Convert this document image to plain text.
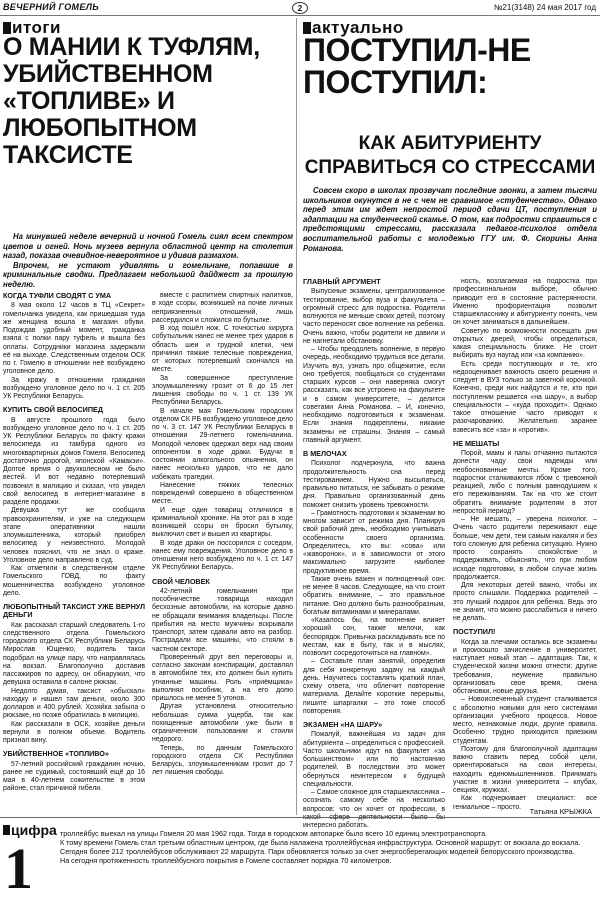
ВЕЧЕРНИЙ ГОМЕЛЬ	2	№21(3148) 24 мая 2017 год
итоги
О МАНИИ К ТУФЛЯМ, УБИЙСТВЕННОМ «ТОПЛИВЕ» И ЛЮБОПЫТНОМ ТАКСИСТЕ

На минувшей неделе вечерний и ночной Гомель сиял всем спектром цветов и огней. Ночь музеев вернула областной центр на столетия назад, показав очевидное-невероятное и удивив размахом.

Впрочем, не устают удивлять и гомельчане, попавшие в криминальные сводки. Предлагаем небольшой дайджест за прошлую неделю.

КОГДА ТУФЛИ СВОДЯТ С УМА

8 мая около 12 часов в ТЦ «Секрет» гомельчанка увидела, как пришедшая туда же женщина вошла в магазин обуви. Подождав удобный момент, гражданка взяла с полки пару туфель и вышла без оплаты. Сотрудники магазина задержали её на выходе. Следственным отделом ОСК по г. Гомелю в отношении неё возбуждено уголовное дело.

За кражу в отношении гражданки возбуждено уголовное дело по ч. 1 ст. 205 УК Республики Беларусь.

КУПИТЬ СВОЙ ВЕЛОСИПЕД

В августе прошлого года было возбуждено уголовное дело по ч. 1 ст. 205 УК Республики Беларусь по факту кражи велосипеда из тамбура одного из многоквартирных домов Гомеля. Велосипед достаточно дорогой, японской «Камакзи». Долгое время о двухколесном не было вестей. И вот недавно потерпевший позвонил в милицию и сказал, что увидел свой велосипед в интернет-магазине в разделе продажи.

Девушка тут же сообщила правоохранителям, и уже на следующем этапе оперативники нашли злоумышленника, который приобрел велосипед у неизвестного. Молодой человек пояснил, что не знал о краже. Уголовное дело направлено в суд.

Как отметили в следственном отделе Гомельского ГОВД, по факту мошенничества возбуждено уголовное дело.

ЛЮБОПЫТНЫЙ ТАКСИСТ УЖЕ ВЕРНУЛ ДЕНЬГИ

Как рассказал старший следователь 1-го следственного отдела Гомельского городского отдела СК Республики Беларусь Мирослав Ющенко, водитель такси подобрал на улице пару, что направлялась на вокзал. Благополучно доставив пассажиров по адресу, он обнаружил, что девушка оставила в салоне рюкзак.

Недолго думая, таксист «обыскал» находку и нашел там деньги, около 300 долларов и 400 рублей. Хозяйка забыла о рюкзаке, но позже обратилась в милицию.

Как рассказали в ОСК, хозяйке деньги вернули в полном объеме. Водитель признал вину.

УБИЙСТВЕННОЕ «ТОПЛИВО»

57-летний российский гражданин ночью, ранее не судимый, состоявший ещё до 16 мая в 40-летнем сожительстве в этом районе, стал причиной гибели.

вместе с распитием спиртных напитков, в ходе ссоры, возникшей на почве личных неприязненных отношений, лишь рассердился и сложился по бутылке.

В ход пошёл нож. С точностью хирурга собутыльник нанес не менее трех ударов в область шеи и грудной клетки, чем причинил тяжкие телесные повреждения, от которых потерпевший скончался на месте.

За совершенное преступление злоумышленнику грозит от 6 до 15 лет лишения свободы по ч. 1 ст. 139 УК Республики Беларусь.

В начале мая Гомельским городским отделом СК РБ возбуждено уголовное дело по ч. 3 ст. 147 УК Республики Беларусь в отношении 29-летнего гомельчанина. Молодой человек одержал верх над своим оппонентом в ходе драки. Будучи в состоянии алкогольного опьянения, он нанес несколько ударов, что не дало избежать трагедии.

Нанесение тяжких телесных повреждений совершено в общественном месте.

И еще один товарищ отличился в криминальной хронике. На этот раз в ходе возникшей ссоры он бросил бутылку, выключил свет и вышел из квартиры.

В ходе драки он поссорился с соседом, нанес ему повреждения. Уголовное дело в отношении него возбуждено по ч. 1 ст. 147 УК Республики Беларусь.

СВОЙ ЧЕЛОВЕК

42-летний гомельчанин при пособничестве товарища находил бесхозные автомобили, на которые давно не обращали внимания владельцы. После прибытия на место мужчины вскрывали транспорт, затем сдавали авто на разбор. Пострадали все машины, что стояли в частном секторе.

Проверенный друг вел переговоры и, согласно законам конспирации, доставлял в автомобиле тех, кто должен был купить угнанные машины. Роль «приёмщика» выполнял пособник, а на его долю пришлось не менее 5 угонов.

Другая установлена относительно небольшая сумма ущерба, так как похищенные автомобили уже были в ограниченном пользовании и стоили недорого.

Теперь, по данным Гомельского городского отдела СК Республики Беларусь, злоумышленникам грозит до 7 лет лишения свободы.

актуально
ПОСТУПИЛ-НЕ ПОСТУПИЛ:
КАК АБИТУРИЕНТУ СПРАВИТЬСЯ СО СТРЕССАМИ

Совсем скоро в школах прозвучат последние звонки, а затем тысячи школьников окунутся в не с чем не сравнимое «студенчество». Однако перед этим им ждет непростой период сдачи ЦТ, поступления и адаптации на студенческой скамье. О том, как подростки справиться с предстоящими стрессами, рассказала педагог-психолог отдела воспитательной работы с молодежью ГГУ им. Ф. Скорины Анна Романова.

ГЛАВНЫЙ АРГУМЕНТ

Выпускные экзамены, централизованное тестирование, выбор вуза и факультета – огромный стресс для подростка. Родители волнуются не меньше своих детей, поэтому часто переносят свое волнение на ребенка. Очень важно, чтобы родители не давили и не нагнетали обстановку.

– Чтобы преодолеть волнение, в первую очередь, необходимо трудиться все детали. Изучить вуз, узнать про общежитие, если оно требуется, пообщаться со студентами старших курсов – они наверняка смогут рассказать, как все устроено на факультете и в самом университете, – делится советами Анна Романова. – И, конечно, необходимо подготовиться к экзаменам. Если знания подкреплены, никакие экзамены не страшны. Знания – самый главный аргумент.

В МЕЛОЧАХ

Психолог подчеркнула, что важна продолжительность сна перед тестированием. Нужно высыпаться, правильно питаться, не забывать о режиме дня. Правильно организованный день поможет снизить уровень тревожности.

– Грамотность подготовки к экзаменам во многом зависит от режима дня. Планируя свой рабочий день, необходимо учитывать особенности своего организма. Определитесь, кто вы: «сова» или «жаворонок», и в зависимости от этого максимально загрузите наиболее продуктивное время.

Также очень важен и полноценный сон: не менее 8 часов. Следующее, на что стоит обратить внимание, – это правильное питание. Оно должно быть разнообразным, богатым витаминами и минералами.

«Казалось бы, на волнение влияет хороший сон, также мелочи, как беспорядок. Привычка раскладывать все по местам, как в быту, так и в мыслях, позволит сосредоточиться на главном».

– Составьте план занятий, определив для себя конкретную задачу на каждый день. Научитесь составлять краткий план, схему ответа, что облегчит повторение материала. Делайте короткие перерывы, пишите шпаргалки – это тоже способ повторения.

ЭКЗАМЕН «НА ШАРУ»

Пожалуй, важнейшая из задач для абитуриента – определиться с профессией. Часто школьники идут на факультет «за большинством» или по настоянию родителей. В последствии это может обернуться неинтересом к будущей специальности.

– Самое сложное для старшеклассника – осознать самому себе на несколько вопросов: что он хочет от профессии, в какой сфере деятельности было бы интересно работать.

ность, возлагаемая на подростка при профессиональном выборе, обычно приводит его в состояние растерянности. Именно профориентация позволит старшекласснику и абитуриенту понять, чем он хочет заниматься в дальнейшем.

Советую по возможности посещать дни открытых дверей, чтобы определиться, какая специальность ближе. Не стоит выбирать вуз наугад или «за компанию».

Есть среди поступающих и те, кто недооценивает важность своего решения и следует в ВУЗ только за заветной корочкой. Конечно, среди них найдутся и те, кто при поступлении решается «на шару», а выбор специальности – «куда проходит». Однако такое отношение часто приводит к разочарованию. Желательно заранее взвесить все «за» и «против».

НЕ МЕШАТЫ

Порой, мамы и папы отчаянно пытаются донести чаду свои надежды или необоснованные мечты. Кроме того, подростки сталкиваются лбом с тревожной реакцией, либо с полным равнодушием к его переживаниям. Так на что же стоит обратить внимание родителям в этот непростой период?

– Не мешать, – уверена психолог. – Очень часто родители переживают еще больше, чем дети, тем самым накаляя и без того сложную для ребенка ситуацию. Нужно просто сохранять спокойствие и поддерживать, объяснять, что при любом исходе подготовки, в любом случае жизнь продолжается.

Для некоторых детей важно, чтобы их просто слышали. Поддержка родителей – это лучший подарок для ребенка. Ведь это не значит, что можно расслабиться и ничего не делать.

ПОСТУПИЛ!

Когда за плечами остались все экзамены и произошло зачисление в университет, наступает новый этап – адаптация. Так, к студенческой жизни можно отнести: другие требования, неумение правильно организовать свое время, смена обстановки, новые друзья.

– Новоиспеченный студент сталкивается с абсолютно новыми для него системами организации учебного процесса. Новое место, незнакомые люди, другие правила. Особенно трудно приходится приезжим студентам.

Поэтому для благополучной адаптации важно ставить перед собой цели, ориентироваться на свои интересы, находить единомышленников. Принимать участие в жизни университета – клубах, секциях, кружках.

Как подчеркивает специалист: все гениальное – просто.	Татьяна КРЫЖКА
цифра
1

троллейбус выехал на улицы Гомеля 20 мая 1962 года. Тогда в городском автопарке было всего 10 единиц электротранспорта.

К тому времени Гомель стал третьим областным центром, где была налажена троллейбусная инфраструктура. Основной маршрут: от вокзала до вокзала.

Сегодня более 212 троллейбусов обслуживают 22 маршрута. Парк обновляется только за счет энергосберегающих моделей белорусского производства.

На сегодня протяженность троллейбусного покрытия в Гомеле составляет порядка 70 километров.
